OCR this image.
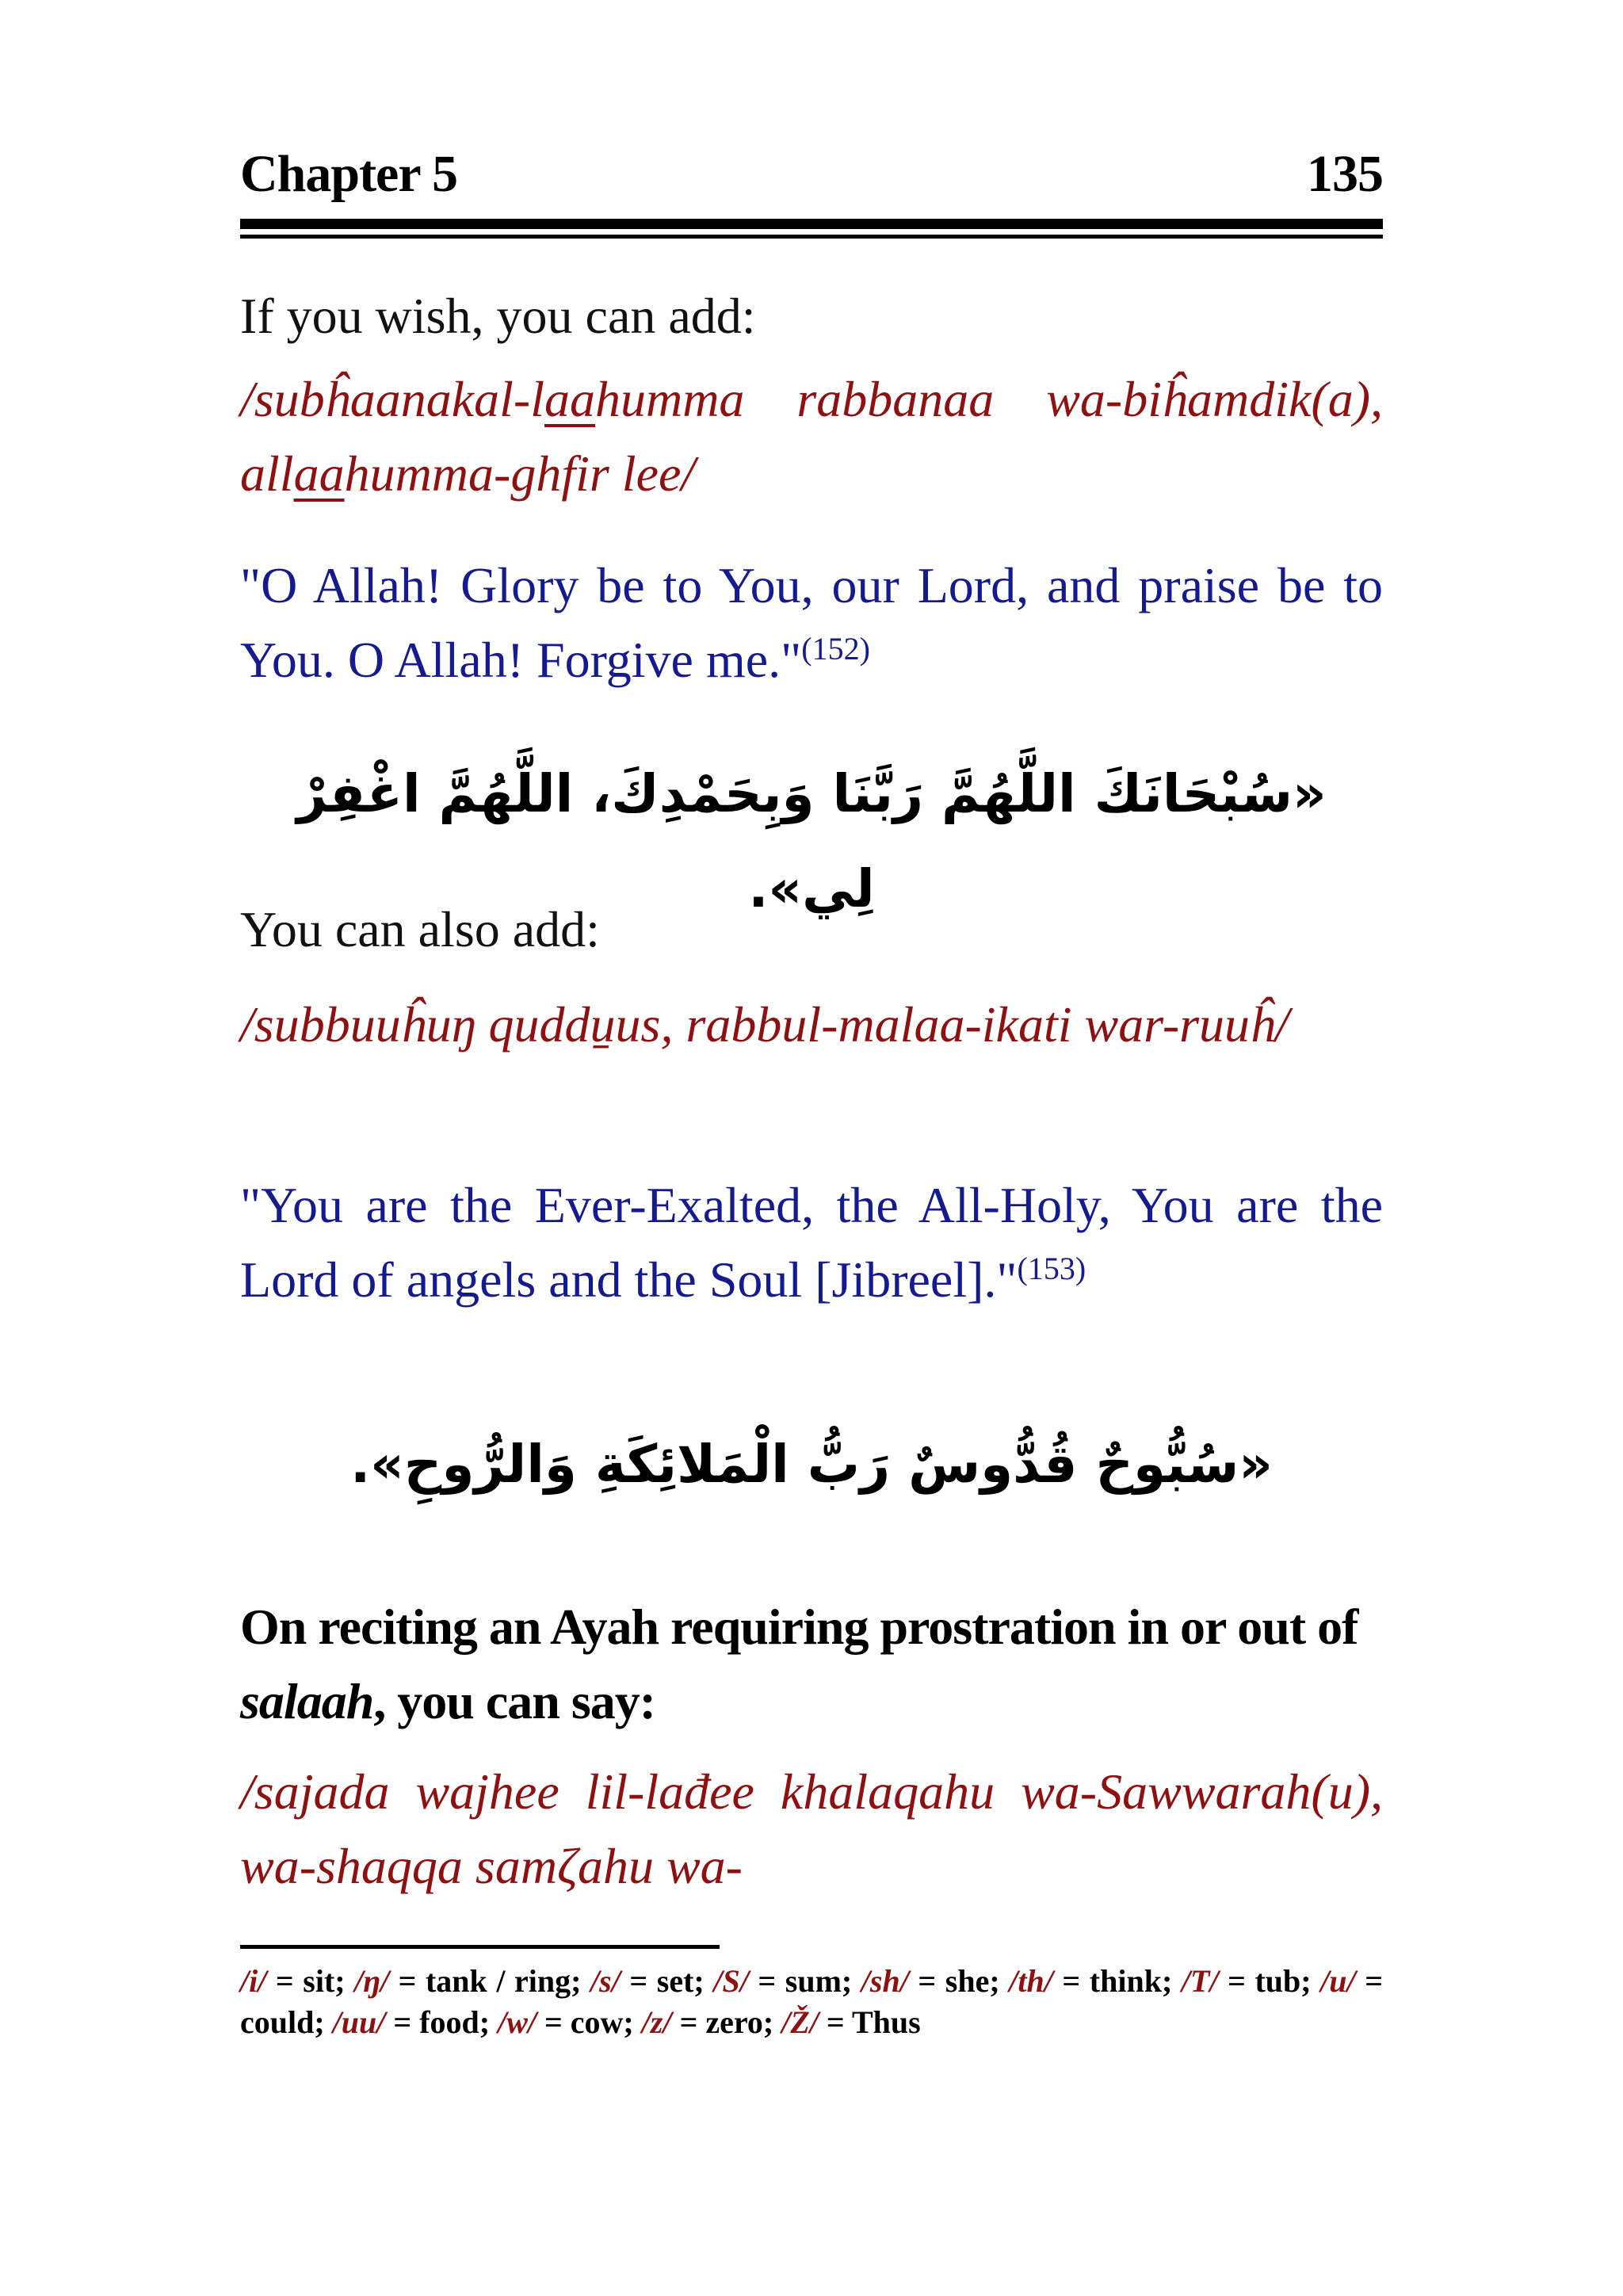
Chapter 5	135

If you wish, you can add:

/subĥaanakal-laahumma rabbanaa wa-biĥamdik(a), allaahumma-ghfir lee/

"O Allah! Glory be to You, our Lord, and praise be to You. O Allah! Forgive me."$^{(152)}$

«سُبْحَانَكَ اللَّهُمَّ رَبَّنَا وَبِحَمْدِكَ، اللَّهُمَّ اغْفِرْ لِي».

You can also add:

/subbuuĥuŋ quddu̱us, rabbul-malaa-ikati war-ruuĥ/

"You are the Ever-Exalted, the All-Holy, You are the Lord of angels and the Soul [Jibreel]."$^{(153)}$

«سُبُّوحٌ قُدُّوسٌ رَبُّ الْمَلائِكَةِ وَالرُّوحِ».

On reciting an Ayah requiring prostration in or out of salaah, you can say:

/sajada wajhee lil-lađee khalaqahu wa-Sawwarah(u), wa-shaqqa samζahu wa-

/i/ = sit; /ŋ/ = tank / ring; /s/ = set; /S/ = sum; /sh/ = she; /th/ = think; /T/ = tub; /u/ = could; /uu/ = food; /w/ = cow; /z/ = zero; /Ž/ = Thus
